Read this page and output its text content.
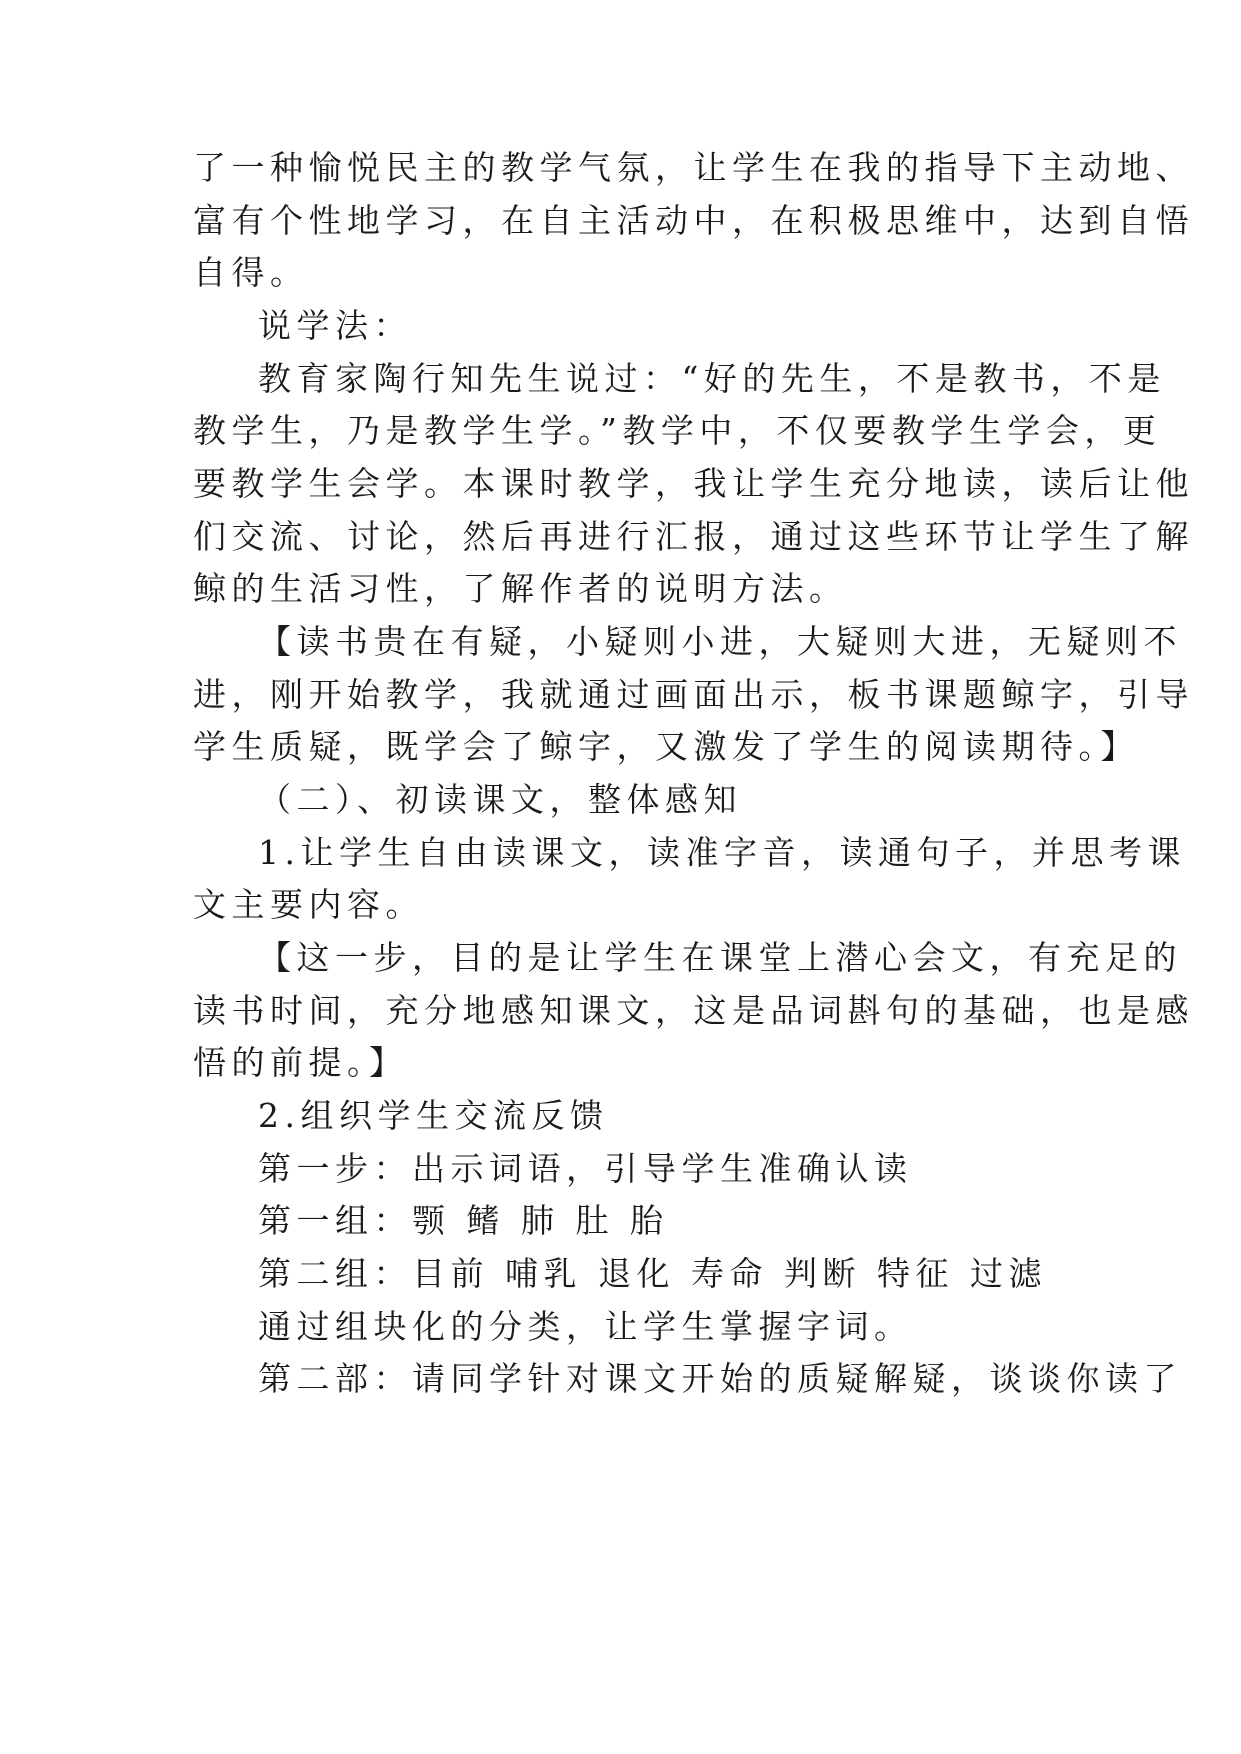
了一种愉悦民主的教学气氛，让学生在我的指导下主动地、
富有个性地学习，在自主活动中，在积极思维中，达到自悟
自得。
说学法：
教育家陶行知先生说过：“好的先生，不是教书，不是
教学生，乃是教学生学。”教学中，不仅要教学生学会，更
要教学生会学。本课时教学，我让学生充分地读，读后让他
们交流、讨论，然后再进行汇报，通过这些环节让学生了解
鲸的生活习性，了解作者的说明方法。
【读书贵在有疑，小疑则小进，大疑则大进，无疑则不
进，刚开始教学，我就通过画面出示，板书课题鲸字，引导
学生质疑，既学会了鲸字，又激发了学生的阅读期待。】
（二）、初读课文，整体感知
1.让学生自由读课文，读准字音，读通句子，并思考课
文主要内容。
【这一步，目的是让学生在课堂上潜心会文，有充足的
读书时间，充分地感知课文，这是品词斟句的基础，也是感
悟的前提。】
2.组织学生交流反馈
第一步：出示词语，引导学生准确认读
第一组：颚 鳍 肺 肚 胎
第二组：目前 哺乳 退化 寿命 判断 特征 过滤
通过组块化的分类，让学生掌握字词。
第二部：请同学针对课文开始的质疑解疑，谈谈你读了
